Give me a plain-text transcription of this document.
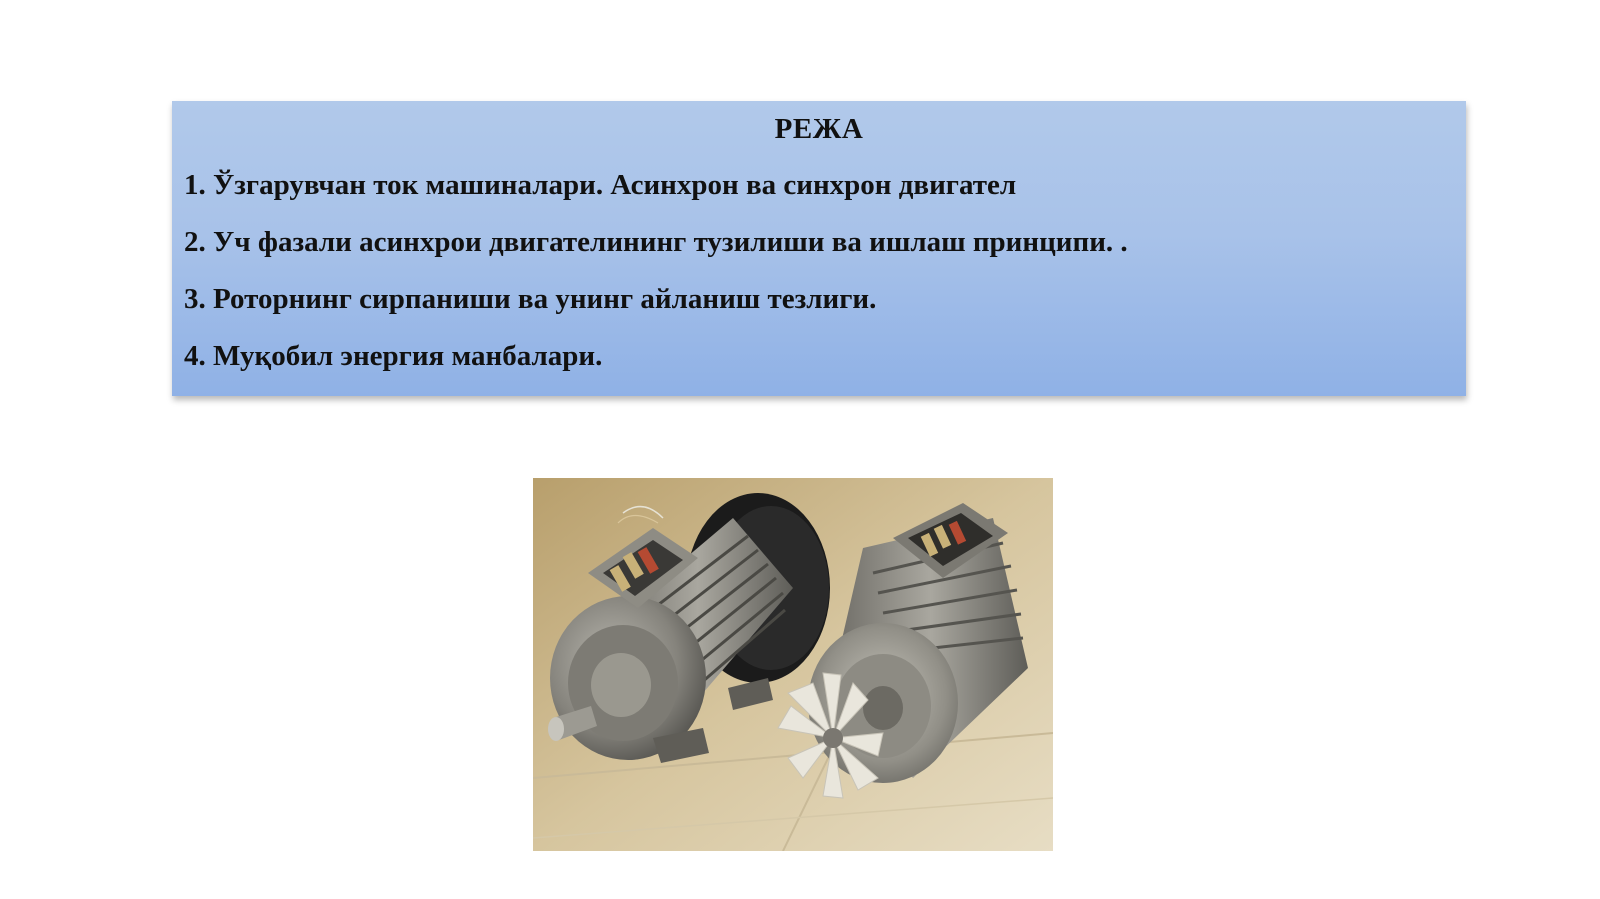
РЕЖА
1. Ўзгарувчан ток машиналари. Асинхрон ва синхрон двигател
2. Уч фазали асинхрои двигателининг тузилиши ва ишлаш принципи. .
3. Роторнинг сирпаниши ва унинг айланиш тезлиги.
4. Муқобил энергия манбалари.
